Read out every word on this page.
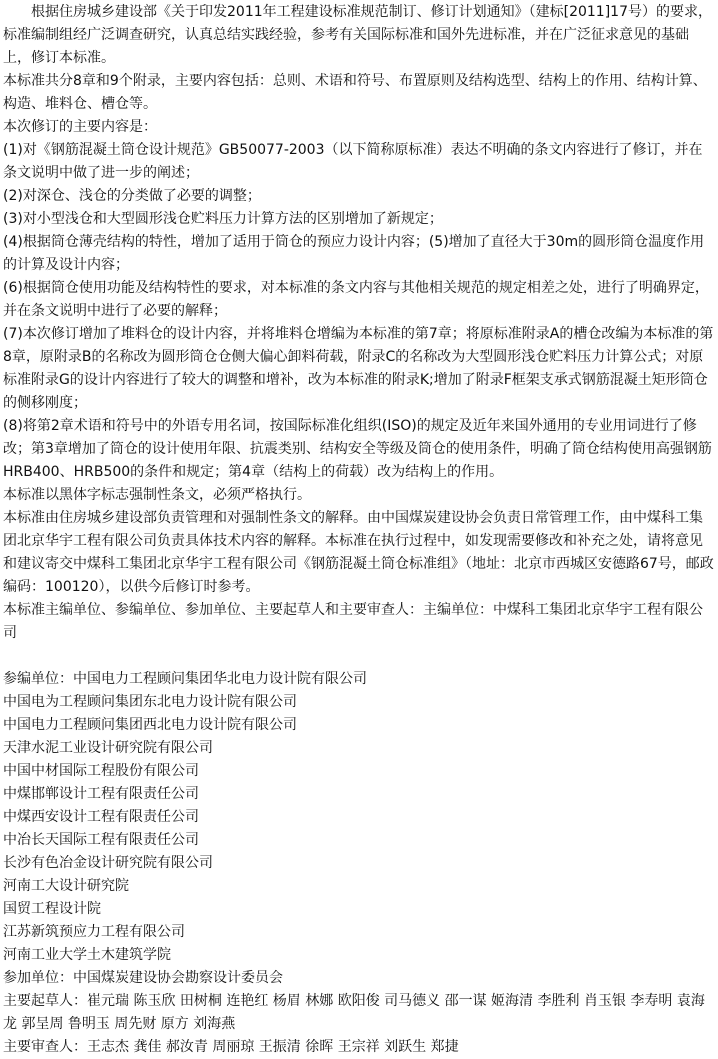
根据住房城乡建设部《关于印发2011年工程建设标准规范制订、修订计划通知》（建标[2011]17号）的要求，标准编制组经广泛调查研究，认真总结实践经验，参考有关国际标准和国外先进标准，并在广泛征求意见的基础上，修订本标准。

本标准共分8章和9个附录，主要内容包括：总则、术语和符号、布置原则及结构选型、结构上的作用、结构计算、构造、堆料仓、槽仓等。

本次修订的主要内容是：

(1)对《钢筋混凝土筒仓设计规范》GB50077-2003（以下简称原标准）表达不明确的条文内容进行了修订，并在条文说明中做了进一步的阐述；

(2)对深仓、浅仓的分类做了必要的调整；

(3)对小型浅仓和大型圆形浅仓贮料压力计算方法的区别增加了新规定；

(4)根据筒仓薄壳结构的特性，增加了适用于筒仓的预应力设计内容；(5)增加了直径大于30m的圆形筒仓温度作用的计算及设计内容；

(6)根据筒仓使用功能及结构特性的要求，对本标准的条文内容与其他相关规范的规定相差之处，进行了明确界定，并在条文说明中进行了必要的解释；

(7)本次修订增加了堆料仓的设计内容，并将堆料仓增编为本标准的第7章；将原标准附录A的槽仓改编为本标准的第8章，原附录B的名称改为圆形筒仓仓侧大偏心卸料荷载，附录C的名称改为大型圆形浅仓贮料压力计算公式；对原标准附录G的设计内容进行了较大的调整和增补，改为本标准的附录K;增加了附录F框架支承式钢筋混凝土矩形筒仓的侧移刚度；

(8)将第2章术语和符号中的外语专用名词，按国际标准化组织(ISO)的规定及近年来国外通用的专业用词进行了修改；第3章增加了筒仓的设计使用年限、抗震类别、结构安全等级及筒仓的使用条件，明确了筒仓结构使用高强钢筋HRB400、HRB500的条件和规定；第4章（结构上的荷载）改为结构上的作用。

本标准以黑体字标志强制性条文，必须严格执行。

本标准由住房城乡建设部负责管理和对强制性条文的解释。由中国煤炭建设协会负责日常管理工作，由中煤科工集团北京华宇工程有限公司负责具体技术内容的解释。本标准在执行过程中，如发现需要修改和补充之处，请将意见和建议寄交中煤科工集团北京华宇工程有限公司《钢筋混凝土筒仓标准组》（地址：北京市西城区安德路67号，邮政编码：100120），以供今后修订时参考。

本标准主编单位、参编单位、参加单位、主要起草人和主要审查人：主编单位：中煤科工集团北京华宇工程有限公司

参编单位：中国电力工程顾问集团华北电力设计院有限公司

中国电为工程顾问集团东北电力设计院有限公司

中国电力工程顾问集团西北电力设计院有限公司

天津水泥工业设计研究院有限公司

中国中材国际工程股份有限公司

中煤邯郸设计工程有限责任公司

中煤西安设计工程有限责任公司

中冶长天国际工程有限责任公司

长沙有色冶金设计研究院有限公司

河南工大设计研究院

国贸工程设计院

江苏新筑预应力工程有限公司

河南工业大学土木建筑学院

参加单位：中国煤炭建设协会勘察设计委员会

主要起草人：崔元瑞 陈玉欣 田树桐 连艳红 杨眉 林娜 欧阳俊 司马德义 邵一谋 姬海清 李胜利 肖玉银 李寿明 袁海龙 郭呈周 鲁明玉 周先财 原方 刘海燕

主要审查人：王志杰 龚佳 郝汝青 周丽琼 王振清 徐晖 王宗祥 刘跃生 郑捷
